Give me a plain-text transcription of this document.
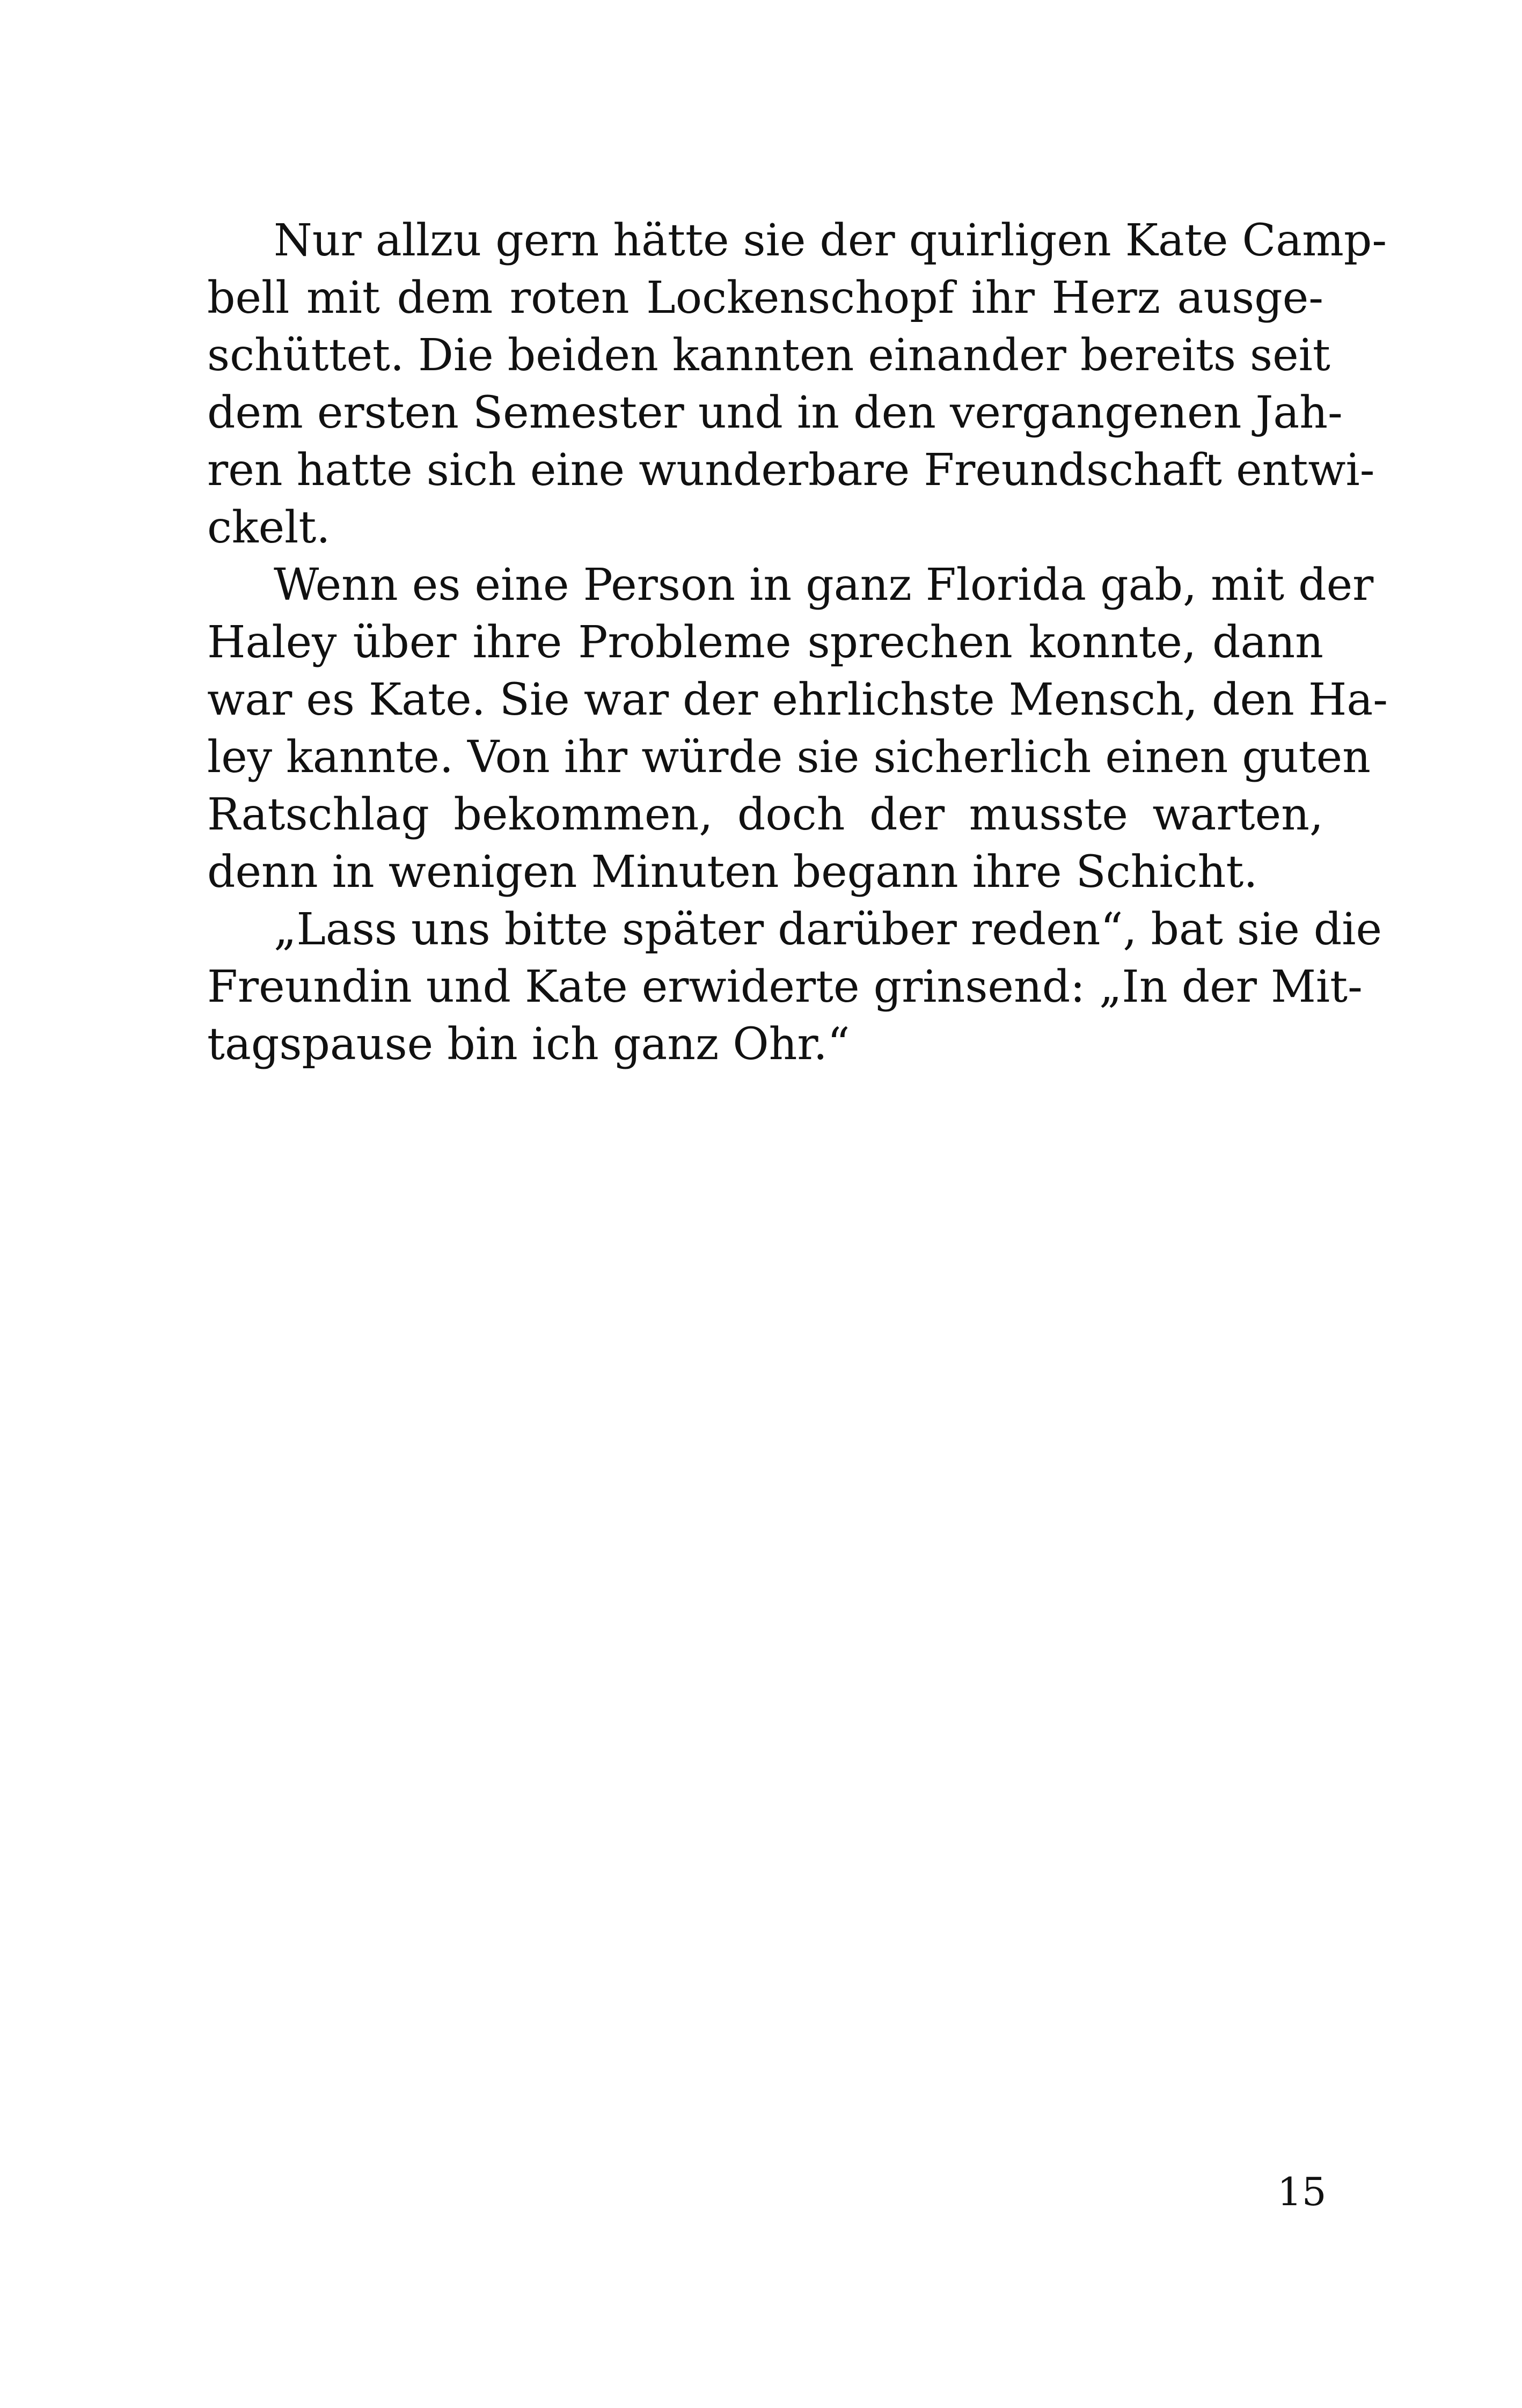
Nur allzu gern hätte sie der quirligen Kate Camp-
bell mit dem roten Lockenschopf ihr Herz ausge-
schüttet. Die beiden kannten einander bereits seit
dem ersten Semester und in den vergangenen Jah-
ren hatte sich eine wunderbare Freundschaft entwi-
ckelt.
Wenn es eine Person in ganz Florida gab, mit der
Haley über ihre Probleme sprechen konnte, dann
war es Kate. Sie war der ehrlichste Mensch, den Ha-
ley kannte. Von ihr würde sie sicherlich einen guten
Ratschlag bekommen, doch der musste warten,
denn in wenigen Minuten begann ihre Schicht.
„Lass uns bitte später darüber reden“, bat sie die
Freundin und Kate erwiderte grinsend: „In der Mit-
tagspause bin ich ganz Ohr.“
15
